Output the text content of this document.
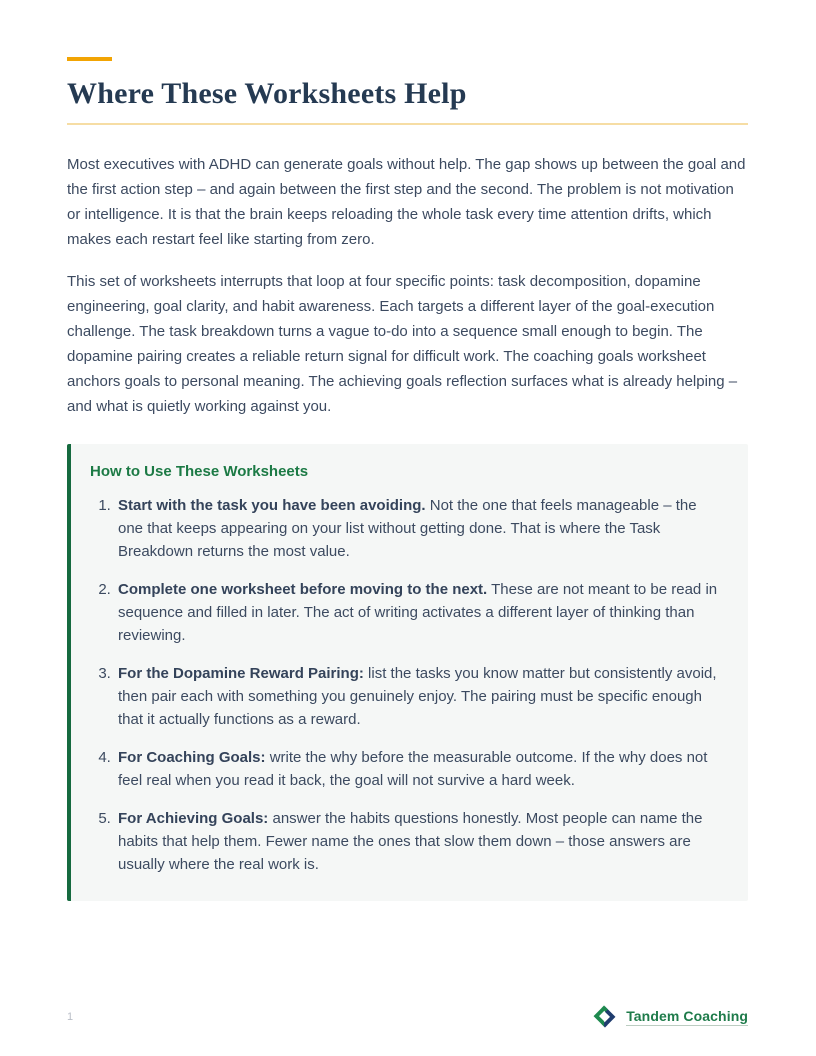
Where These Worksheets Help

Most executives with ADHD can generate goals without help. The gap shows up between the goal and the first action step – and again between the first step and the second. The problem is not motivation or intelligence. It is that the brain keeps reloading the whole task every time attention drifts, which makes each restart feel like starting from zero.

This set of worksheets interrupts that loop at four specific points: task decomposition, dopamine engineering, goal clarity, and habit awareness. Each targets a different layer of the goal-execution challenge. The task breakdown turns a vague to-do into a sequence small enough to begin. The dopamine pairing creates a reliable return signal for difficult work. The coaching goals worksheet anchors goals to personal meaning. The achieving goals reflection surfaces what is already helping – and what is quietly working against you.

How to Use These Worksheets
1. Start with the task you have been avoiding. Not the one that feels manageable – the one that keeps appearing on your list without getting done. That is where the Task Breakdown returns the most value.
2. Complete one worksheet before moving to the next. These are not meant to be read in sequence and filled in later. The act of writing activates a different layer of thinking than reviewing.
3. For the Dopamine Reward Pairing: list the tasks you know matter but consistently avoid, then pair each with something you genuinely enjoy. The pairing must be specific enough that it actually functions as a reward.
4. For Coaching Goals: write the why before the measurable outcome. If the why does not feel real when you read it back, the goal will not survive a hard week.
5. For Achieving Goals: answer the habits questions honestly. Most people can name the habits that help them. Fewer name the ones that slow them down – those answers are usually where the real work is.
1	Tandem Coaching
